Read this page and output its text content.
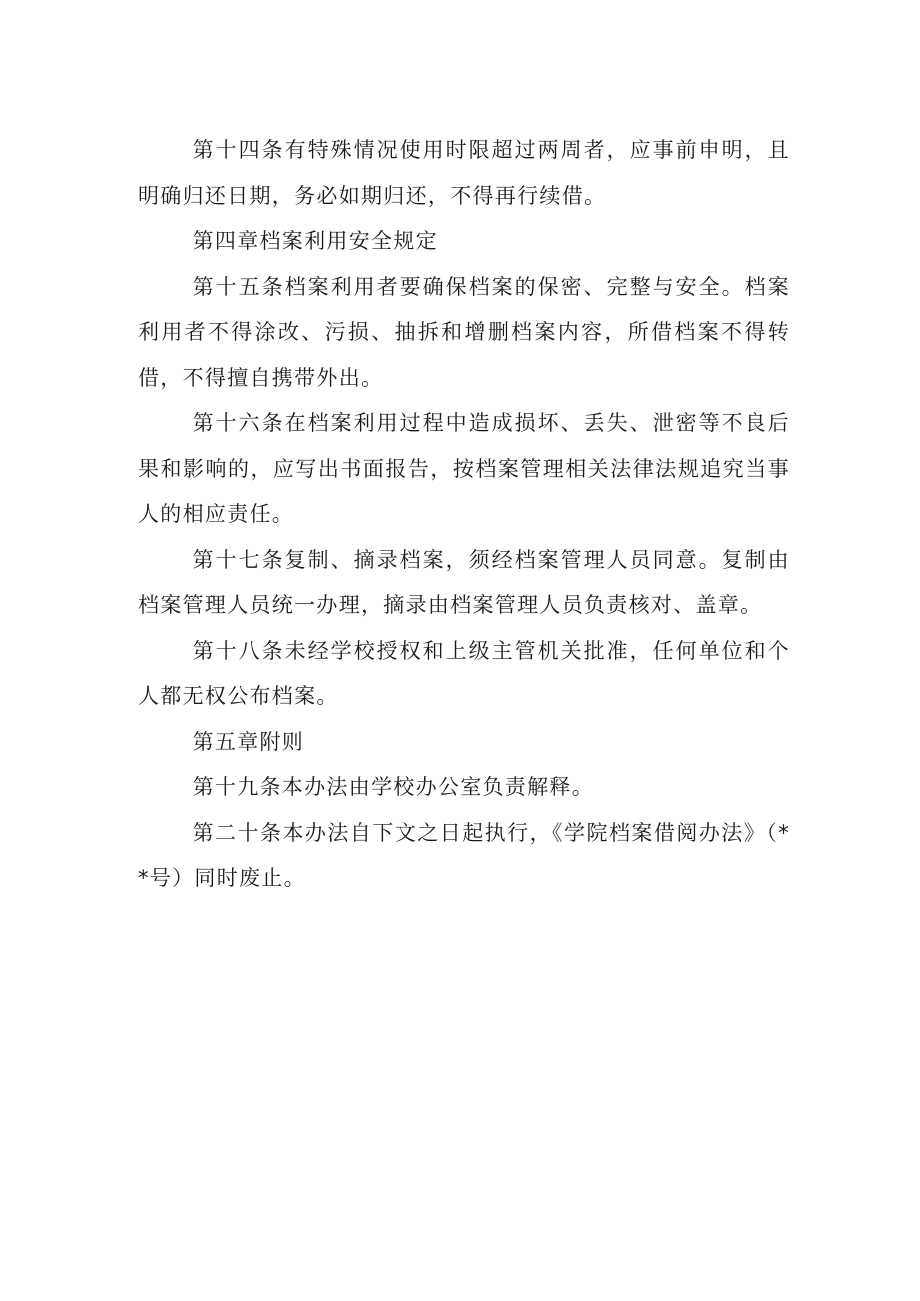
第十四条有特殊情况使用时限超过两周者，应事前申明，且明确归还日期，务必如期归还，不得再行续借。

第四章档案利用安全规定

第十五条档案利用者要确保档案的保密、完整与安全。档案利用者不得涂改、污损、抽拆和增删档案内容，所借档案不得转借，不得擅自携带外出。

第十六条在档案利用过程中造成损坏、丢失、泄密等不良后果和影响的，应写出书面报告，按档案管理相关法律法规追究当事人的相应责任。

第十七条复制、摘录档案，须经档案管理人员同意。复制由档案管理人员统一办理，摘录由档案管理人员负责核对、盖章。

第十八条未经学校授权和上级主管机关批准，任何单位和个人都无权公布档案。

第五章附则

第十九条本办法由学校办公室负责解释。

第二十条本办法自下文之日起执行，《学院档案借阅办法》（**号）同时废止。
